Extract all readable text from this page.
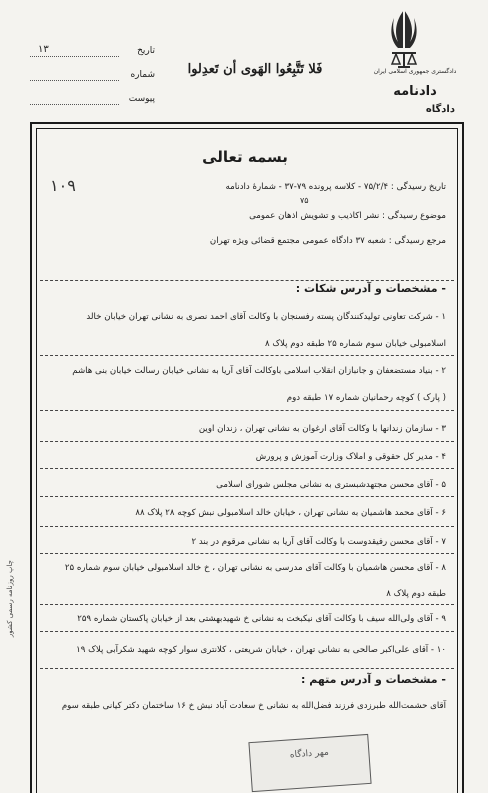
دادگستری جمهوری اسلامی ایران
دادنامه
دادگاه
فَلا تَتَّبِعُوا الهَوى أن تَعدِلوا
تاریخ
۱۳
شماره
پیوست
بسمه تعالی
تاریخ رسیدگی : ۷۵/۲/۴ - کلاسه پرونده ۷۹-۳۷ - شمارهٔ دادنامه
۱۰۹
۷۵
موضوع رسیدگی : نشر اکاذیب و تشویش اذهان عمومی
مرجع رسیدگی : شعبه ۳۷ دادگاه عمومی مجتمع قضائی ویژه تهران
- مشخصات و آدرس شکات :
۱ - شرکت تعاونی تولیدکنندگان پسته رفسنجان با وکالت آقای احمد نصری به نشانی تهران خیابان خالد
اسلامبولی خیابان سوم شماره ۲۵ طبقه دوم پلاک ۸
۲ - بنیاد مستضعفان و جانبازان انقلاب اسلامی باوکالت آقای آریا به نشانی خیابان رسالت خیابان بنی هاشم
( پارک ) کوچه رحمانیان شماره ۱۷ طبقه دوم
۳ - سازمان زندانها با وکالت آقای ارغوان به نشانی تهران ، زندان اوین
۴ - مدیر کل حقوقی و املاک وزارت آموزش و پرورش
۵ - آقای محسن مجتهدشبستری به نشانی مجلس شورای اسلامی
۶ - آقای محمد هاشمیان به نشانی تهران ، خیابان خالد اسلامبولی نبش کوچه ۲۸ پلاک ۸۸
۷ - آقای محسن رفیقدوست با وکالت آقای آریا به نشانی مرقوم در بند ۲
۸ - آقای محسن هاشمیان با وکالت آقای مدرسی به نشانی تهران ، خ خالد اسلامبولی خیابان سوم شماره ۲۵
طبقه دوم پلاک ۸
۹ - آقای ولی‌الله سیف با وکالت آقای نیکبخت به نشانی خ شهیدبهشتی بعد از خیابان پاکستان شماره ۲۵۹
۱۰ - آقای علی‌اکبر صالحی به نشانی تهران ، خیابان شریعتی ، کلانتری سوار کوچه شهید شکرآبی پلاک ۱۹
- مشخصات و آدرس متهم :
آقای حشمت‌الله طبرزدی فرزند فضل‌الله به نشانی خ سعادت آباد نبش خ ۱۶ ساختمان دکتر کیانی طبقه سوم
چاپ روزنامه رسمی کشور
مهر دادگاه
